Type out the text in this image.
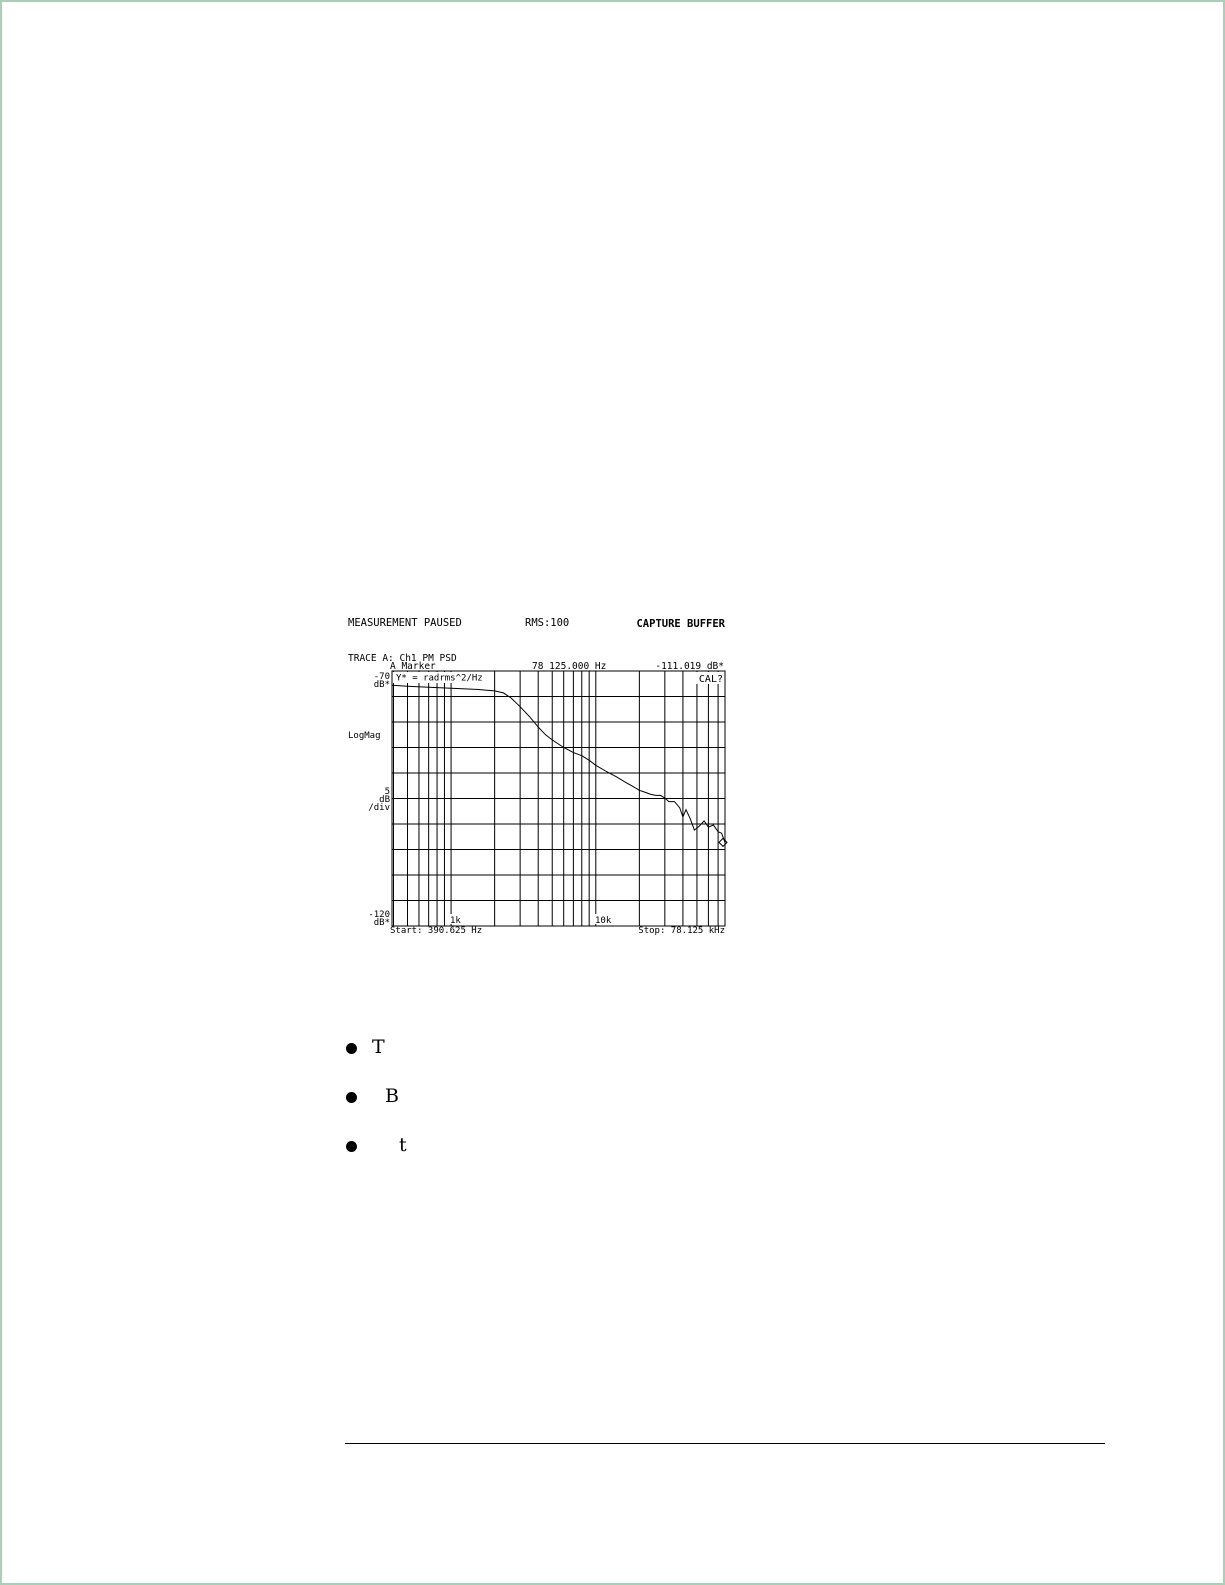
MEASUREMENT PAUSED	RMS:100	CAPTURE BUFFER
TRACE A: Ch1 PM PSD
A Marker	78 125.000 Hz	-111.019 dB*
-70
dB*
LogMag
5
dB
/div
-120
dB*
Y* = radrms^2/Hz	CAL?
1k	10k
Start: 390.625 Hz	Stop: 78.125 kHz
T
B
t
